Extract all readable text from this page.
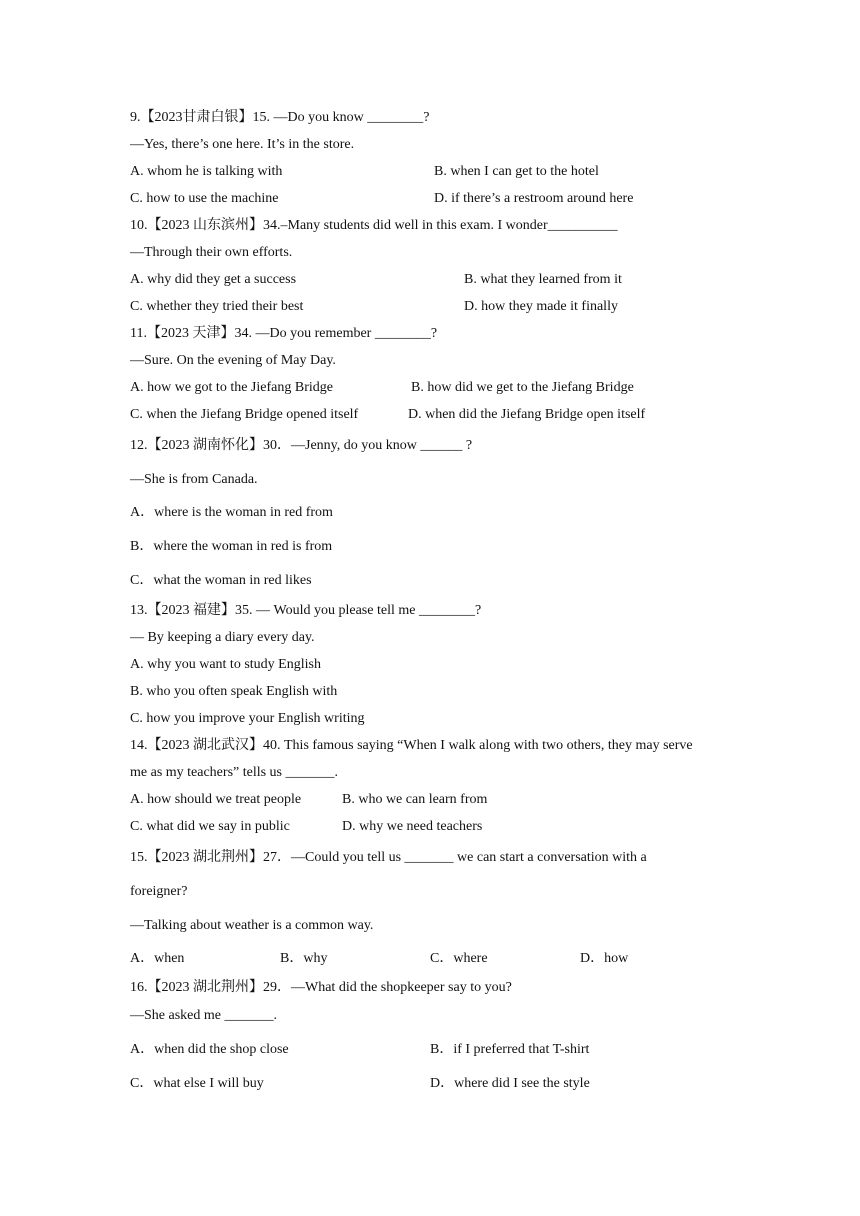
9.【2023甘肃白银】15. —Do you know ________?
—Yes, there’s one here. It’s in the store.
A. whom he is talking with	B. when I can get to the hotel
C. how to use the machine	D. if there’s a restroom around here
10.【2023 山东滨州】34.–Many students did well in this exam. I wonder__________
—Through their own efforts.
A. why did they get a success	B. what they learned from it
C. whether they tried their best	D. how they made it finally
11.【2023 天津】34. —Do you remember ________?
—Sure. On the evening of May Day.
A. how we got to the Jiefang Bridge	B. how did we get to the Jiefang Bridge
C. when the Jiefang Bridge opened itself	D. when did the Jiefang Bridge open itself
12.【2023 湖南怀化】30．—Jenny, do you know ______ ?
—She is from Canada.
A．where is the woman in red from
B．where the woman in red is from
C．what the woman in red likes
13.【2023 福建】35. — Would you please tell me ________?
— By keeping a diary every day.
A. why you want to study English
B. who you often speak English with
C. how you improve your English writing
14.【2023 湖北武汉】40. This famous saying “When I walk along with two others, they may serve
me as my teachers” tells us _______.
A. how should we treat people	B. who we can learn from
C. what did we say in public	D. why we need teachers
15.【2023 湖北荆州】27．—Could you tell us _______ we can start a conversation with a
foreigner?
—Talking about weather is a common way.
A．when	B．why	C．where	D．how
16.【2023 湖北荆州】29．—What did the shopkeeper say to you?
—She asked me _______.
A．when did the shop close	B．if I preferred that T-shirt
C．what else I will buy	D．where did I see the style
